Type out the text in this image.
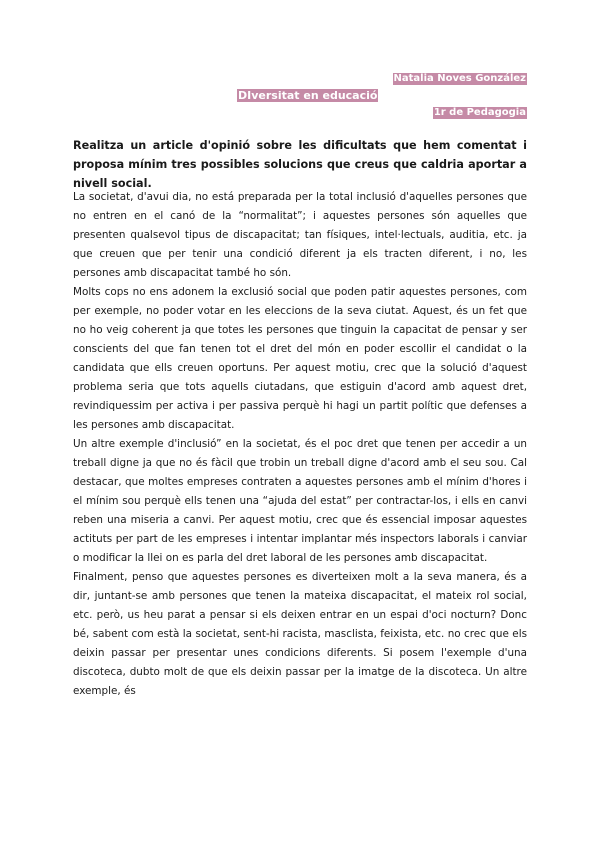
Natalia Noves González
DIversitat en educació
1r de Pedagogia

Realitza un article d'opinió sobre les dificultats que hem comentat i proposa mínim tres possibles solucions que creus que caldria aportar a nivell social.

La societat, d'avui dia, no está preparada per la total inclusió d'aquelles persones que no entren en el canó de la “normalitat”; i aquestes persones són aquelles que presenten qualsevol tipus de discapacitat; tan físiques, intel·lectuals, auditia, etc. ja que creuen que per tenir una condició diferent ja els tracten diferent, i no, les persones amb discapacitat també ho són.

Molts cops no ens adonem la exclusió social que poden patir aquestes persones, com per exemple, no poder votar en les eleccions de la seva ciutat. Aquest, és un fet que no ho veig coherent ja que totes les persones que tinguin la capacitat de pensar y ser conscients del que fan tenen tot el dret del món en poder escollir el candidat o la candidata que ells creuen oportuns. Per aquest motiu, crec que la solució d'aquest problema seria que tots aquells ciutadans, que estiguin d'acord amb aquest dret, revindiquessim per activa i per passiva perquè hi hagi un partit polític que defenses a les persones amb discapacitat.

Un altre exemple d'inclusió” en la societat, és el poc dret que tenen per accedir a un treball digne ja que no és fàcil que trobin un treball digne d'acord amb el seu sou. Cal destacar, que moltes empreses contraten a aquestes persones amb el mínim d'hores i el mínim sou perquè ells tenen una “ajuda del estat” per contractar-los, i ells en canvi reben una miseria a canvi. Per aquest motiu, crec que és essencial imposar aquestes actituts per part de les empreses i intentar implantar més inspectors laborals i canviar o modificar la llei on es parla del dret laboral de les persones amb discapacitat.

Finalment, penso que aquestes persones es diverteixen molt a la seva manera, és a dir, juntant-se amb persones que tenen la mateixa discapacitat, el mateix rol social, etc. però, us heu parat a pensar si els deixen entrar en un espai d'oci nocturn? Donc bé, sabent com està la societat, sent-hi racista, masclista, feixista, etc. no crec que els deixin passar per presentar unes condicions diferents. Si posem l'exemple d'una discoteca, dubto molt de que els deixin passar per la imatge de la discoteca. Un altre exemple, és
